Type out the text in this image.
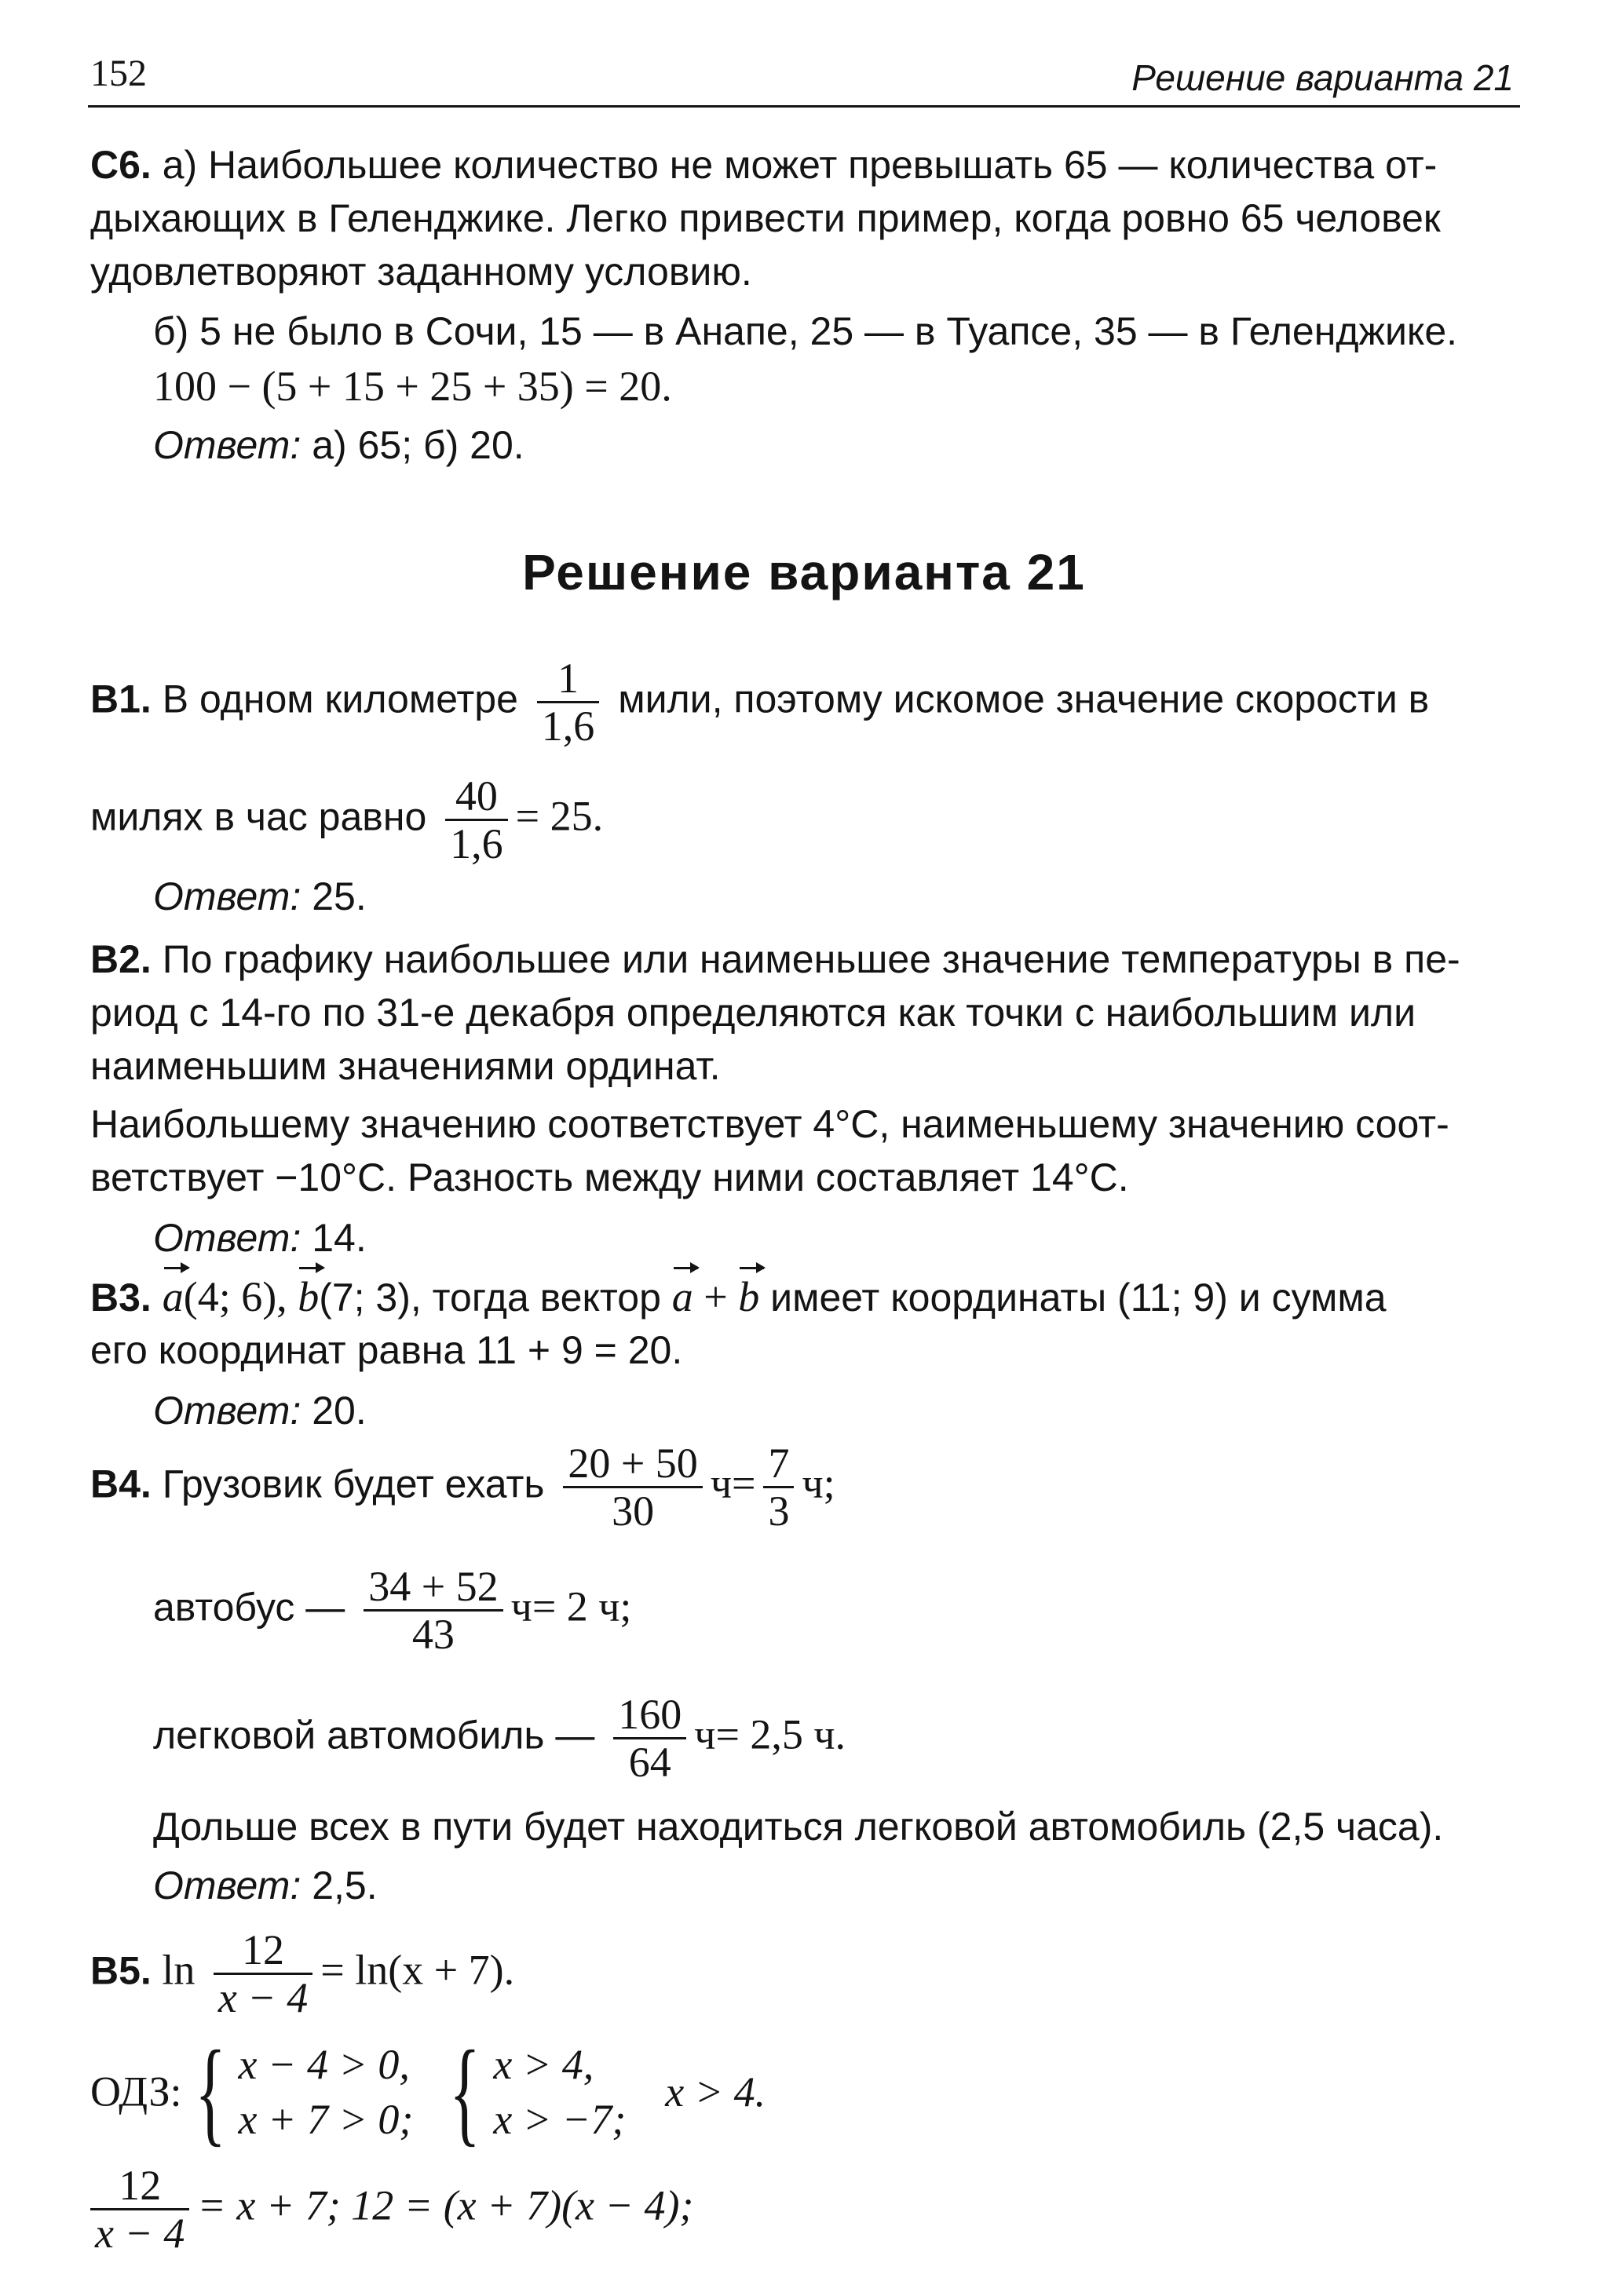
152	Решение варианта 21
С6. а) Наибольшее количество не может превышать 65 — количества от-
дыхающих в Геленджике. Легко привести пример, когда ровно 65 человек
удовлетворяют заданному условию.
б) 5 не было в Сочи, 15 — в Анапе, 25 — в Туапсе, 35 — в Геленджике.
100 − (5 + 15 + 25 + 35) = 20.
Ответ: а) 65; б) 20.
Решение варианта 21
В1. В одном километре $\frac{1}{1,6}$ мили, поэтому искомое значение скорости в
милях в час равно $\frac{40}{1,6} = 25$.
Ответ: 25.
В2. По графику наибольшее или наименьшее значение температуры в пе-
риод с 14-го по 31-е декабря определяются как точки с наибольшим или
наименьшим значениями ординат.
Наибольшему значению соответствует 4°C, наименьшему значению соот-
ветствует −10°C. Разность между ними составляет 14°C.
Ответ: 14.
В3. a(4; 6), b(7; 3), тогда вектор a + b имеет координаты (11; 9) и сумма
его координат равна 11 + 9 = 20.
Ответ: 20.
В4. Грузовик будет ехать $\frac{20 + 50}{30} ч= \frac{7}{3} ч$;
автобус — $\frac{34 + 52}{43} ч= 2$ ч;
легковой автомобиль — $\frac{160}{64} ч= 2,5$ ч.
Дольше всех в пути будет находиться легковой автомобиль (2,5 часа).
Ответ: 2,5.
В5. $\ln \frac{12}{x - 4} = \ln(x + 7)$.
ОДЗ: { x − 4 > 0,
x + 7 > 0; { x > 4,
x > −7;
x > 4.
$\frac{12}{x - 4} = x + 7$; 12 = (x + 7)(x − 4);
